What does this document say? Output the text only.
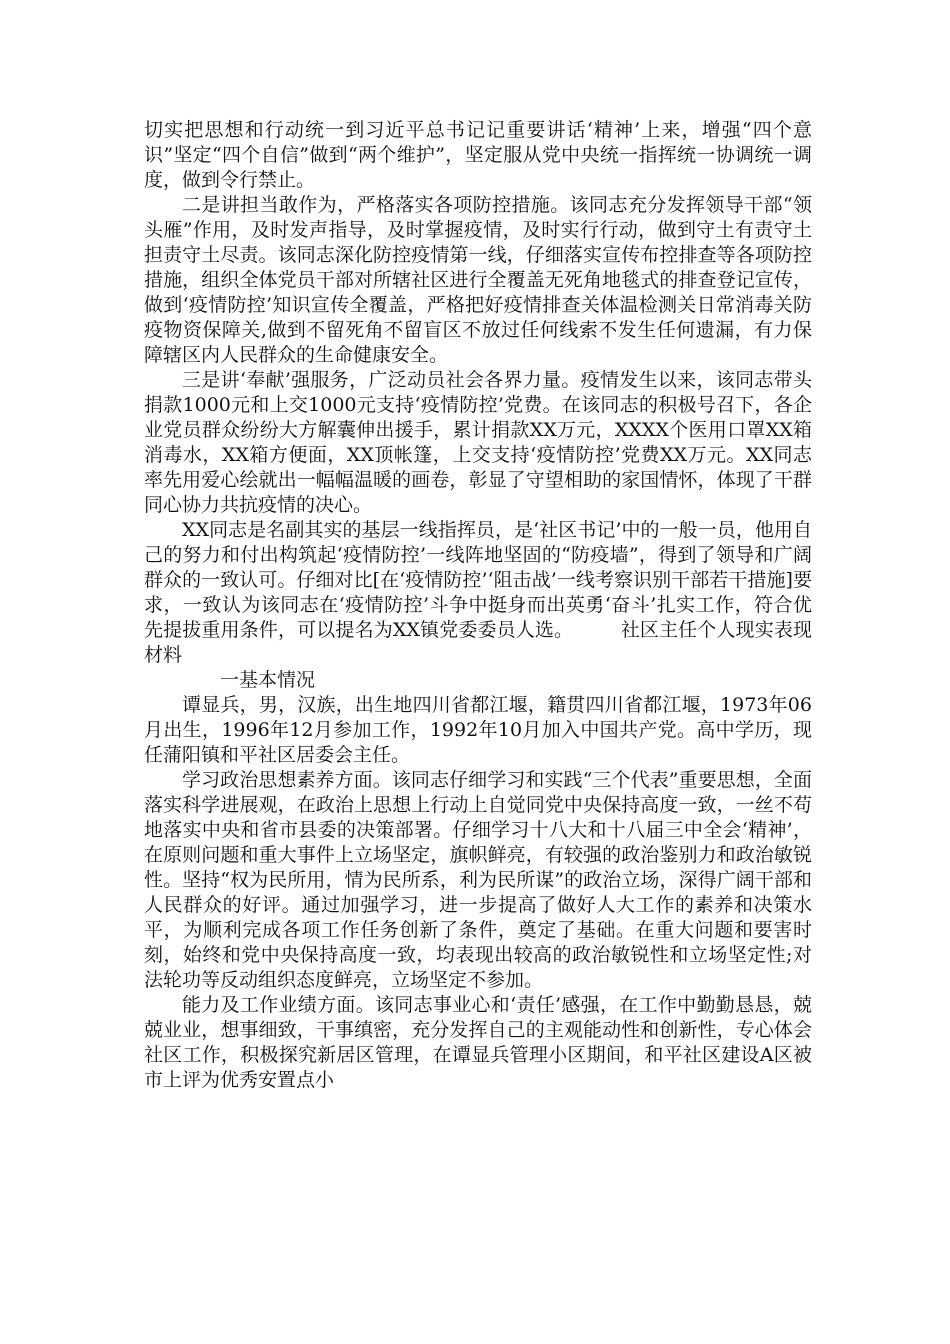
切实把思想和行动统一到习近平总书记记重要讲话‘精神’上来，增强“四个意识”坚定“四个自信”做到“两个维护”，坚定服从党中央统一指挥统一协调统一调度，做到令行禁止。

二是讲担当敢作为，严格落实各项防控措施。该同志充分发挥领导干部“领头雁”作用，及时发声指导，及时掌握疫情，及时实行行动，做到守土有责守土担责守土尽责。该同志深化防控疫情第一线，仔细落实宣传布控排查等各项防控措施，组织全体党员干部对所辖社区进行全覆盖无死角地毯式的排查登记宣传，做到‘疫情防控’知识宣传全覆盖，严格把好疫情排查关体温检测关日常消毒关防疫物资保障关,做到不留死角不留盲区不放过任何线索不发生任何遗漏，有力保障辖区内人民群众的生命健康安全。

三是讲‘奉献’强服务，广泛动员社会各界力量。疫情发生以来，该同志带头捐款1000元和上交1000元支持‘疫情防控’党费。在该同志的积极号召下，各企业党员群众纷纷大方解囊伸出援手，累计捐款XX万元，XXXX个医用口罩XX箱消毒水，XX箱方便面，XX顶帐篷，上交支持‘疫情防控’党费XX万元。XX同志率先用爱心绘就出一幅幅温暖的画卷，彰显了守望相助的家国情怀，体现了干群同心协力共抗疫情的决心。

XX同志是名副其实的基层一线指挥员，是‘社区书记’中的一般一员，他用自己的努力和付出构筑起‘疫情防控’一线阵地坚固的“防疫墙”，得到了领导和广阔群众的一致认可。仔细对比[在‘疫情防控’‘阻击战’一线考察识别干部若干措施]要求，一致认为该同志在‘疫情防控’斗争中挺身而出英勇‘奋斗’扎实工作，符合优先提拔重用条件，可以提名为XX镇党委委员人选。	社区主任个人现实表现材料

一基本情况

谭显兵，男，汉族，出生地四川省都江堰，籍贯四川省都江堰，1973年06月出生，1996年12月参加工作，1992年10月加入中国共产党。高中学历，现任蒲阳镇和平社区居委会主任。

学习政治思想素养方面。该同志仔细学习和实践“三个代表”重要思想，全面落实科学进展观，在政治上思想上行动上自觉同党中央保持高度一致，一丝不苟地落实中央和省市县委的决策部署。仔细学习十八大和十八届三中全会‘精神’，在原则问题和重大事件上立场坚定，旗帜鲜亮，有较强的政治鉴别力和政治敏锐性。坚持“权为民所用，情为民所系，利为民所谋”的政治立场，深得广阔干部和人民群众的好评。通过加强学习，进一步提高了做好人大工作的素养和决策水平，为顺利完成各项工作任务创新了条件，奠定了基础。在重大问题和要害时刻，始终和党中央保持高度一致，均表现出较高的政治敏锐性和立场坚定性;对法轮功等反动组织态度鲜亮，立场坚定不参加。

能力及工作业绩方面。该同志事业心和‘责任’感强，在工作中勤勤恳恳，兢兢业业，想事细致，干事缜密，充分发挥自己的主观能动性和创新性，专心体会社区工作，积极探究新居区管理，在谭显兵管理小区期间，和平社区建设A区被市上评为优秀安置点小
